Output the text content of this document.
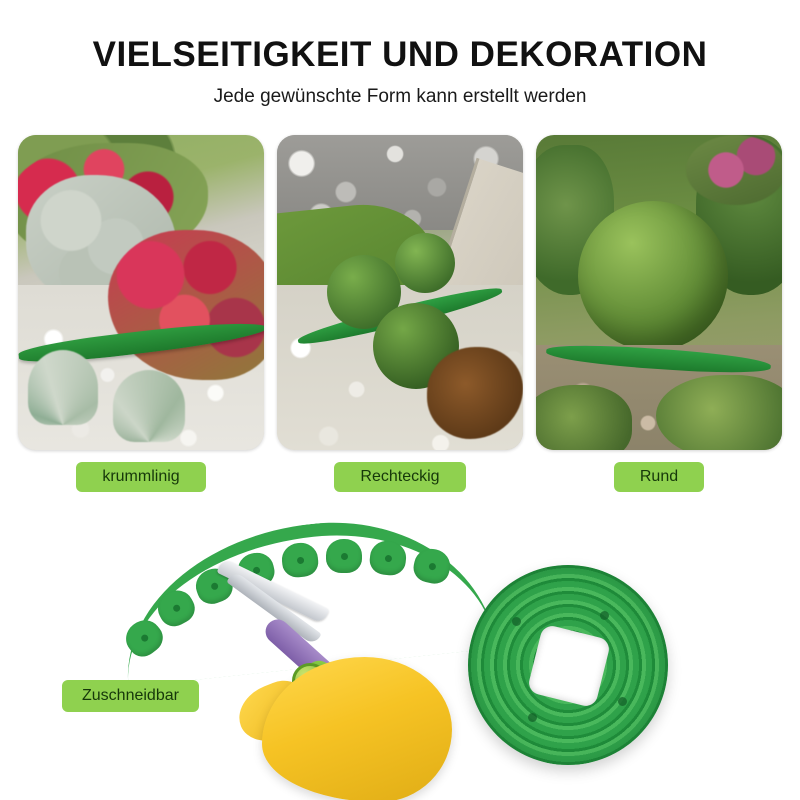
VIELSEITIGKEIT UND DEKORATION
Jede gewünschte Form kann erstellt werden
krummlinig	Rechteckig	Rund
Zuschneidbar
